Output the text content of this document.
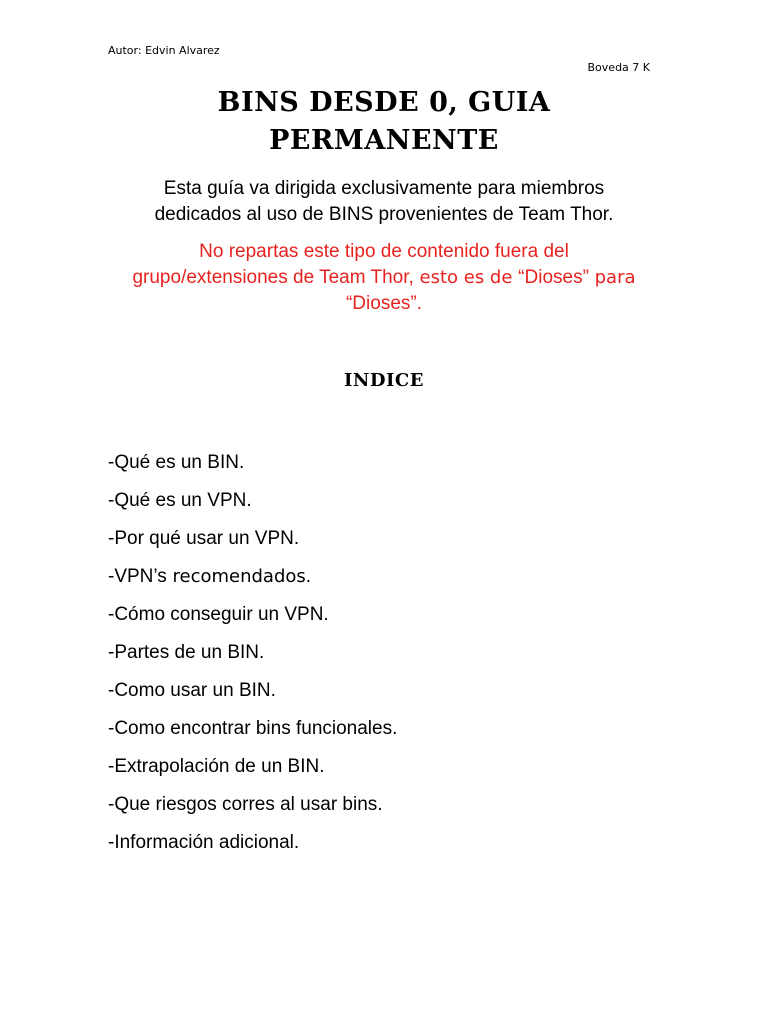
Autor: Edvin Alvarez
Boveda 7 K
BINS DESDE 0, GUIA
PERMANENTE
Esta guía va dirigida exclusivamente para miembros
dedicados al uso de BINS provenientes de Team Thor.
No repartas este tipo de contenido fuera del
grupo/extensiones de Team Thor, esto es de “Dioses” para
“Dioses”.
INDICE
-Qué es un BIN.
-Qué es un VPN.
-Por qué usar un VPN.
-VPN’s recomendados.
-Cómo conseguir un VPN.
-Partes de un BIN.
-Como usar un BIN.
-Como encontrar bins funcionales.
-Extrapolación de un BIN.
-Que riesgos corres al usar bins.
-Información adicional.
